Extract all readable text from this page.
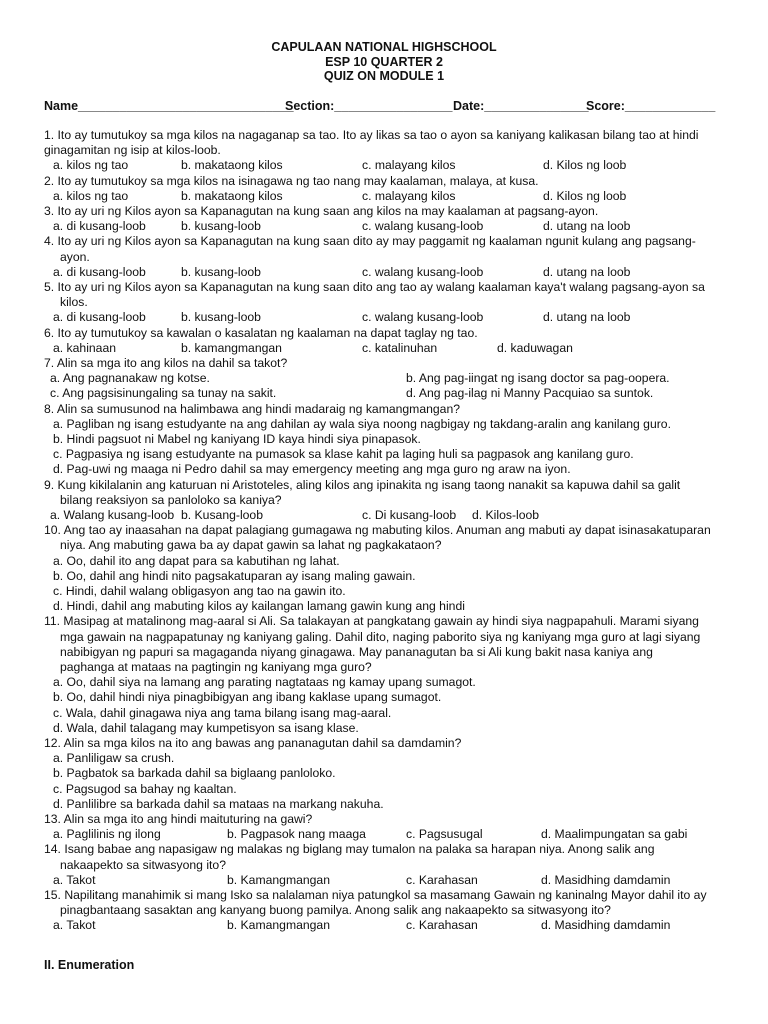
CAPULAAN NATIONAL HIGHSCHOOL
ESP 10 QUARTER 2
QUIZ ON MODULE 1
Name_______________________________
Section:_________________ Date:_______________
Score:_____________
1. Ito ay tumutukoy sa mga kilos na nagaganap sa tao. Ito ay likas sa tao o ayon sa kaniyang kalikasan bilang tao at hindi
ginagamitan ng isip at kilos-loob.
a. kilos ng tao	b. makataong kilos	c. malayang kilos	d. Kilos ng loob
2. Ito ay tumutukoy sa mga kilos na isinagawa ng tao nang may kaalaman, malaya, at kusa.
a. kilos ng tao	b. makataong kilos	c. malayang kilos	d. Kilos ng loob
3. Ito ay uri ng Kilos ayon sa Kapanagutan na kung saan ang kilos na may kaalaman at pagsang-ayon.
a. di kusang-loob	b. kusang-loob	c. walang kusang-loob	d. utang na loob
4. Ito ay uri ng Kilos ayon sa Kapanagutan na kung saan dito ay may paggamit ng kaalaman ngunit kulang ang pagsang-
ayon.
a. di kusang-loob	b. kusang-loob	c. walang kusang-loob	d. utang na loob
5. Ito ay uri ng Kilos ayon sa Kapanagutan na kung saan dito ang tao ay walang kaalaman kaya't walang pagsang-ayon sa
kilos.
a. di kusang-loob	b. kusang-loob	c. walang kusang-loob	d. utang na loob
6. Ito ay tumutukoy sa kawalan o kasalatan ng kaalaman na dapat taglay ng tao.
a. kahinaan	b. kamangmangan	c. katalinuhan	d. kaduwagan
7. Alin sa mga ito ang kilos na dahil sa takot?
a. Ang pagnanakaw ng kotse.	b. Ang pag-iingat ng isang doctor sa pag-oopera.
c. Ang pagsisinungaling sa tunay na sakit.	d. Ang pag-ilag ni Manny Pacquiao sa suntok.
8. Alin sa sumusunod na halimbawa ang hindi madaraig ng kamangmangan?
a. Pagliban ng isang estudyante na ang dahilan ay wala siya noong nagbigay ng takdang-aralin ang kanilang guro.
b. Hindi pagsuot ni Mabel ng kaniyang ID kaya hindi siya pinapasok.
c. Pagpasiya ng isang estudyante na pumasok sa klase kahit pa laging huli sa pagpasok ang kanilang guro.
d. Pag-uwi ng maaga ni Pedro dahil sa may emergency meeting ang mga guro ng araw na iyon.
9. Kung kikilalanin ang katuruan ni Aristoteles, aling kilos ang ipinakita ng isang taong nanakit sa kapuwa dahil sa galit
bilang reaksiyon sa panloloko sa kaniya?
a. Walang kusang-loob b. Kusang-loob	c. Di kusang-loob d. Kilos-loob
10. Ang tao ay inaasahan na dapat palagiang gumagawa ng mabuting kilos. Anuman ang mabuti ay dapat isinasakatuparan
niya. Ang mabuting gawa ba ay dapat gawin sa lahat ng pagkakataon?
a. Oo, dahil ito ang dapat para sa kabutihan ng lahat.
b. Oo, dahil ang hindi nito pagsakatuparan ay isang maling gawain.
c. Hindi, dahil walang obligasyon ang tao na gawin ito.
d. Hindi, dahil ang mabuting kilos ay kailangan lamang gawin kung ang hindi
11. Masipag at matalinong mag-aaral si Ali. Sa talakayan at pangkatang gawain ay hindi siya nagpapahuli. Marami siyang
mga gawain na nagpapatunay ng kaniyang galing. Dahil dito, naging paborito siya ng kaniyang mga guro at lagi siyang
nabibigyan ng papuri sa magaganda niyang ginagawa. May pananagutan ba si Ali kung bakit nasa kaniya ang
paghanga at mataas na pagtingin ng kaniyang mga guro?
a. Oo, dahil siya na lamang ang parating nagtataas ng kamay upang sumagot.
b. Oo, dahil hindi niya pinagbibigyan ang ibang kaklase upang sumagot.
c. Wala, dahil ginagawa niya ang tama bilang isang mag-aaral.
d. Wala, dahil talagang may kumpetisyon sa isang klase.
12. Alin sa mga kilos na ito ang bawas ang pananagutan dahil sa damdamin?
a. Panliligaw sa crush.
b. Pagbatok sa barkada dahil sa biglaang panloloko.
c. Pagsugod sa bahay ng kaaltan.
d. Panlilibre sa barkada dahil sa mataas na markang nakuha.
13. Alin sa mga ito ang hindi maituturing na gawi?
a. Paglilinis ng ilong	b. Pagpasok nang maaga	c. Pagsusugal	d. Maalimpungatan sa gabi
14. Isang babae ang napasigaw ng malakas ng biglang may tumalon na palaka sa harapan niya. Anong salik ang
nakaapekto sa sitwasyong ito?
a. Takot	b. Kamangmangan	c. Karahasan	d. Masidhing damdamin
15. Napilitang manahimik si mang Isko sa nalalaman niya patungkol sa masamang Gawain ng kaninalng Mayor dahil ito ay
pinagbantaang sasaktan ang kanyang buong pamilya. Anong salik ang nakaapekto sa sitwasyong ito?
a. Takot	b. Kamangmangan	c. Karahasan	d. Masidhing damdamin
II. Enumeration
